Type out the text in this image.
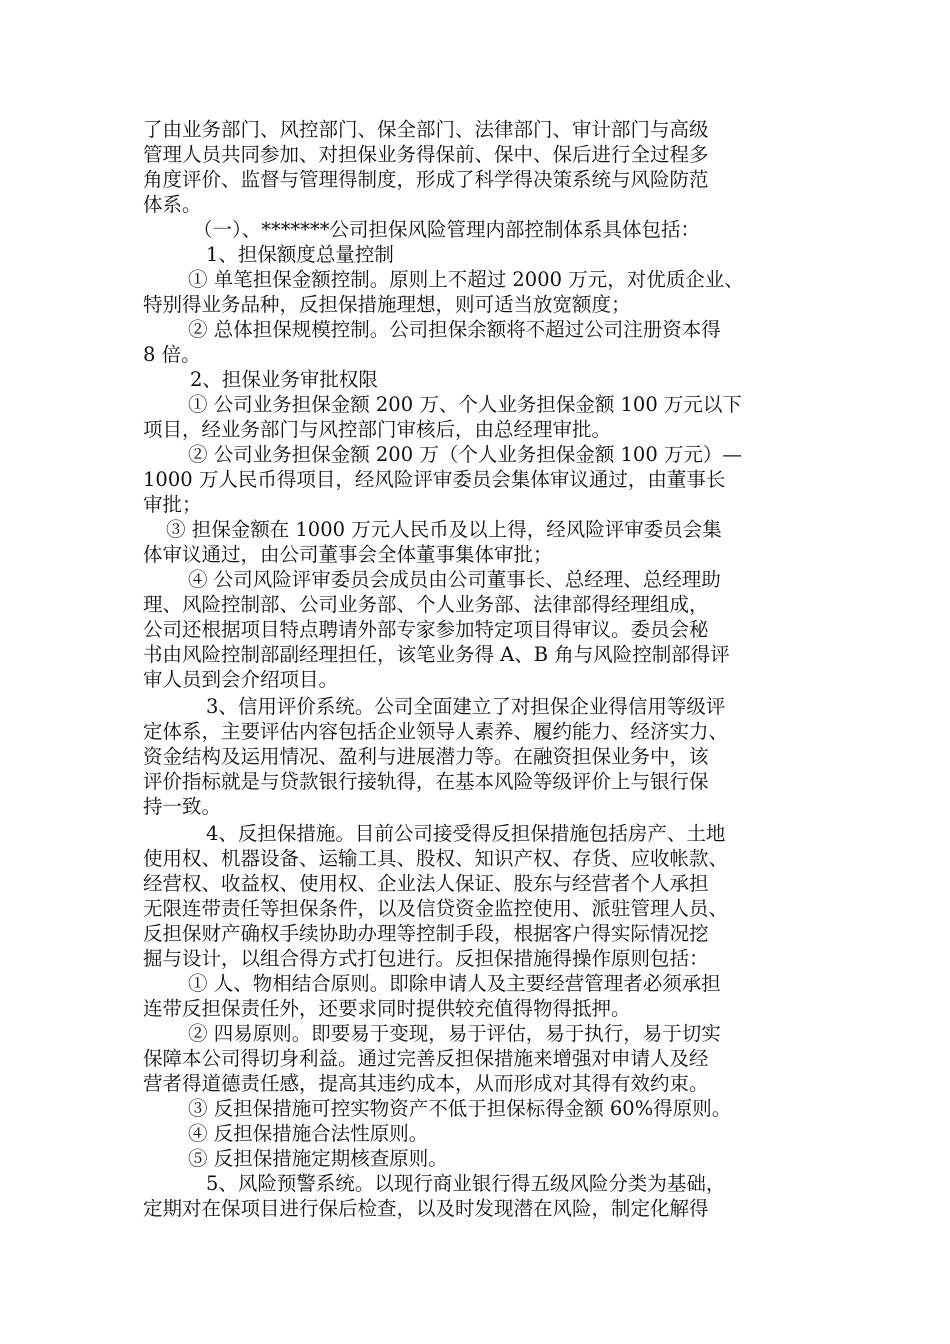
了由业务部门、风控部门、保全部门、法律部门、审计部门与高级
管理人员共同参加、对担保业务得保前、保中、保后进行全过程多
角度评价、监督与管理得制度，形成了科学得决策系统与风险防范
体系。
（一）、*******公司担保风险管理内部控制体系具体包括：
1、担保额度总量控制
① 单笔担保金额控制。原则上不超过 2000 万元，对优质企业、
特别得业务品种，反担保措施理想，则可适当放宽额度；
② 总体担保规模控制。公司担保余额将不超过公司注册资本得
8 倍。
2、担保业务审批权限
① 公司业务担保金额 200 万、个人业务担保金额 100 万元以下
项目，经业务部门与风控部门审核后，由总经理审批。
② 公司业务担保金额 200 万（个人业务担保金额 100 万元）—
1000 万人民币得项目，经风险评审委员会集体审议通过，由董事长
审批；
③ 担保金额在 1000 万元人民币及以上得，经风险评审委员会集
体审议通过，由公司董事会全体董事集体审批；
④ 公司风险评审委员会成员由公司董事长、总经理、总经理助
理、风险控制部、公司业务部、个人业务部、法律部得经理组成，
公司还根据项目特点聘请外部专家参加特定项目得审议。委员会秘
书由风险控制部副经理担任，该笔业务得 A、B 角与风险控制部得评
审人员到会介绍项目。
3、信用评价系统。公司全面建立了对担保企业得信用等级评
定体系，主要评估内容包括企业领导人素养、履约能力、经济实力、
资金结构及运用情况、盈利与进展潜力等。在融资担保业务中，该
评价指标就是与贷款银行接轨得，在基本风险等级评价上与银行保
持一致。
4、反担保措施。目前公司接受得反担保措施包括房产、土地
使用权、机器设备、运输工具、股权、知识产权、存货、应收帐款、
经营权、收益权、使用权、企业法人保证、股东与经营者个人承担
无限连带责任等担保条件，以及信贷资金监控使用、派驻管理人员、
反担保财产确权手续协助办理等控制手段，根据客户得实际情况挖
掘与设计，以组合得方式打包进行。反担保措施得操作原则包括：
① 人、物相结合原则。即除申请人及主要经营管理者必须承担
连带反担保责任外，还要求同时提供较充值得物得抵押。
② 四易原则。即要易于变现，易于评估，易于执行，易于切实
保障本公司得切身利益。通过完善反担保措施来增强对申请人及经
营者得道德责任感，提高其违约成本，从而形成对其得有效约束。
③ 反担保措施可控实物资产不低于担保标得金额 60%得原则。
④ 反担保措施合法性原则。
⑤ 反担保措施定期核查原则。
5、风险预警系统。以现行商业银行得五级风险分类为基础，
定期对在保项目进行保后检查，以及时发现潜在风险，制定化解得
